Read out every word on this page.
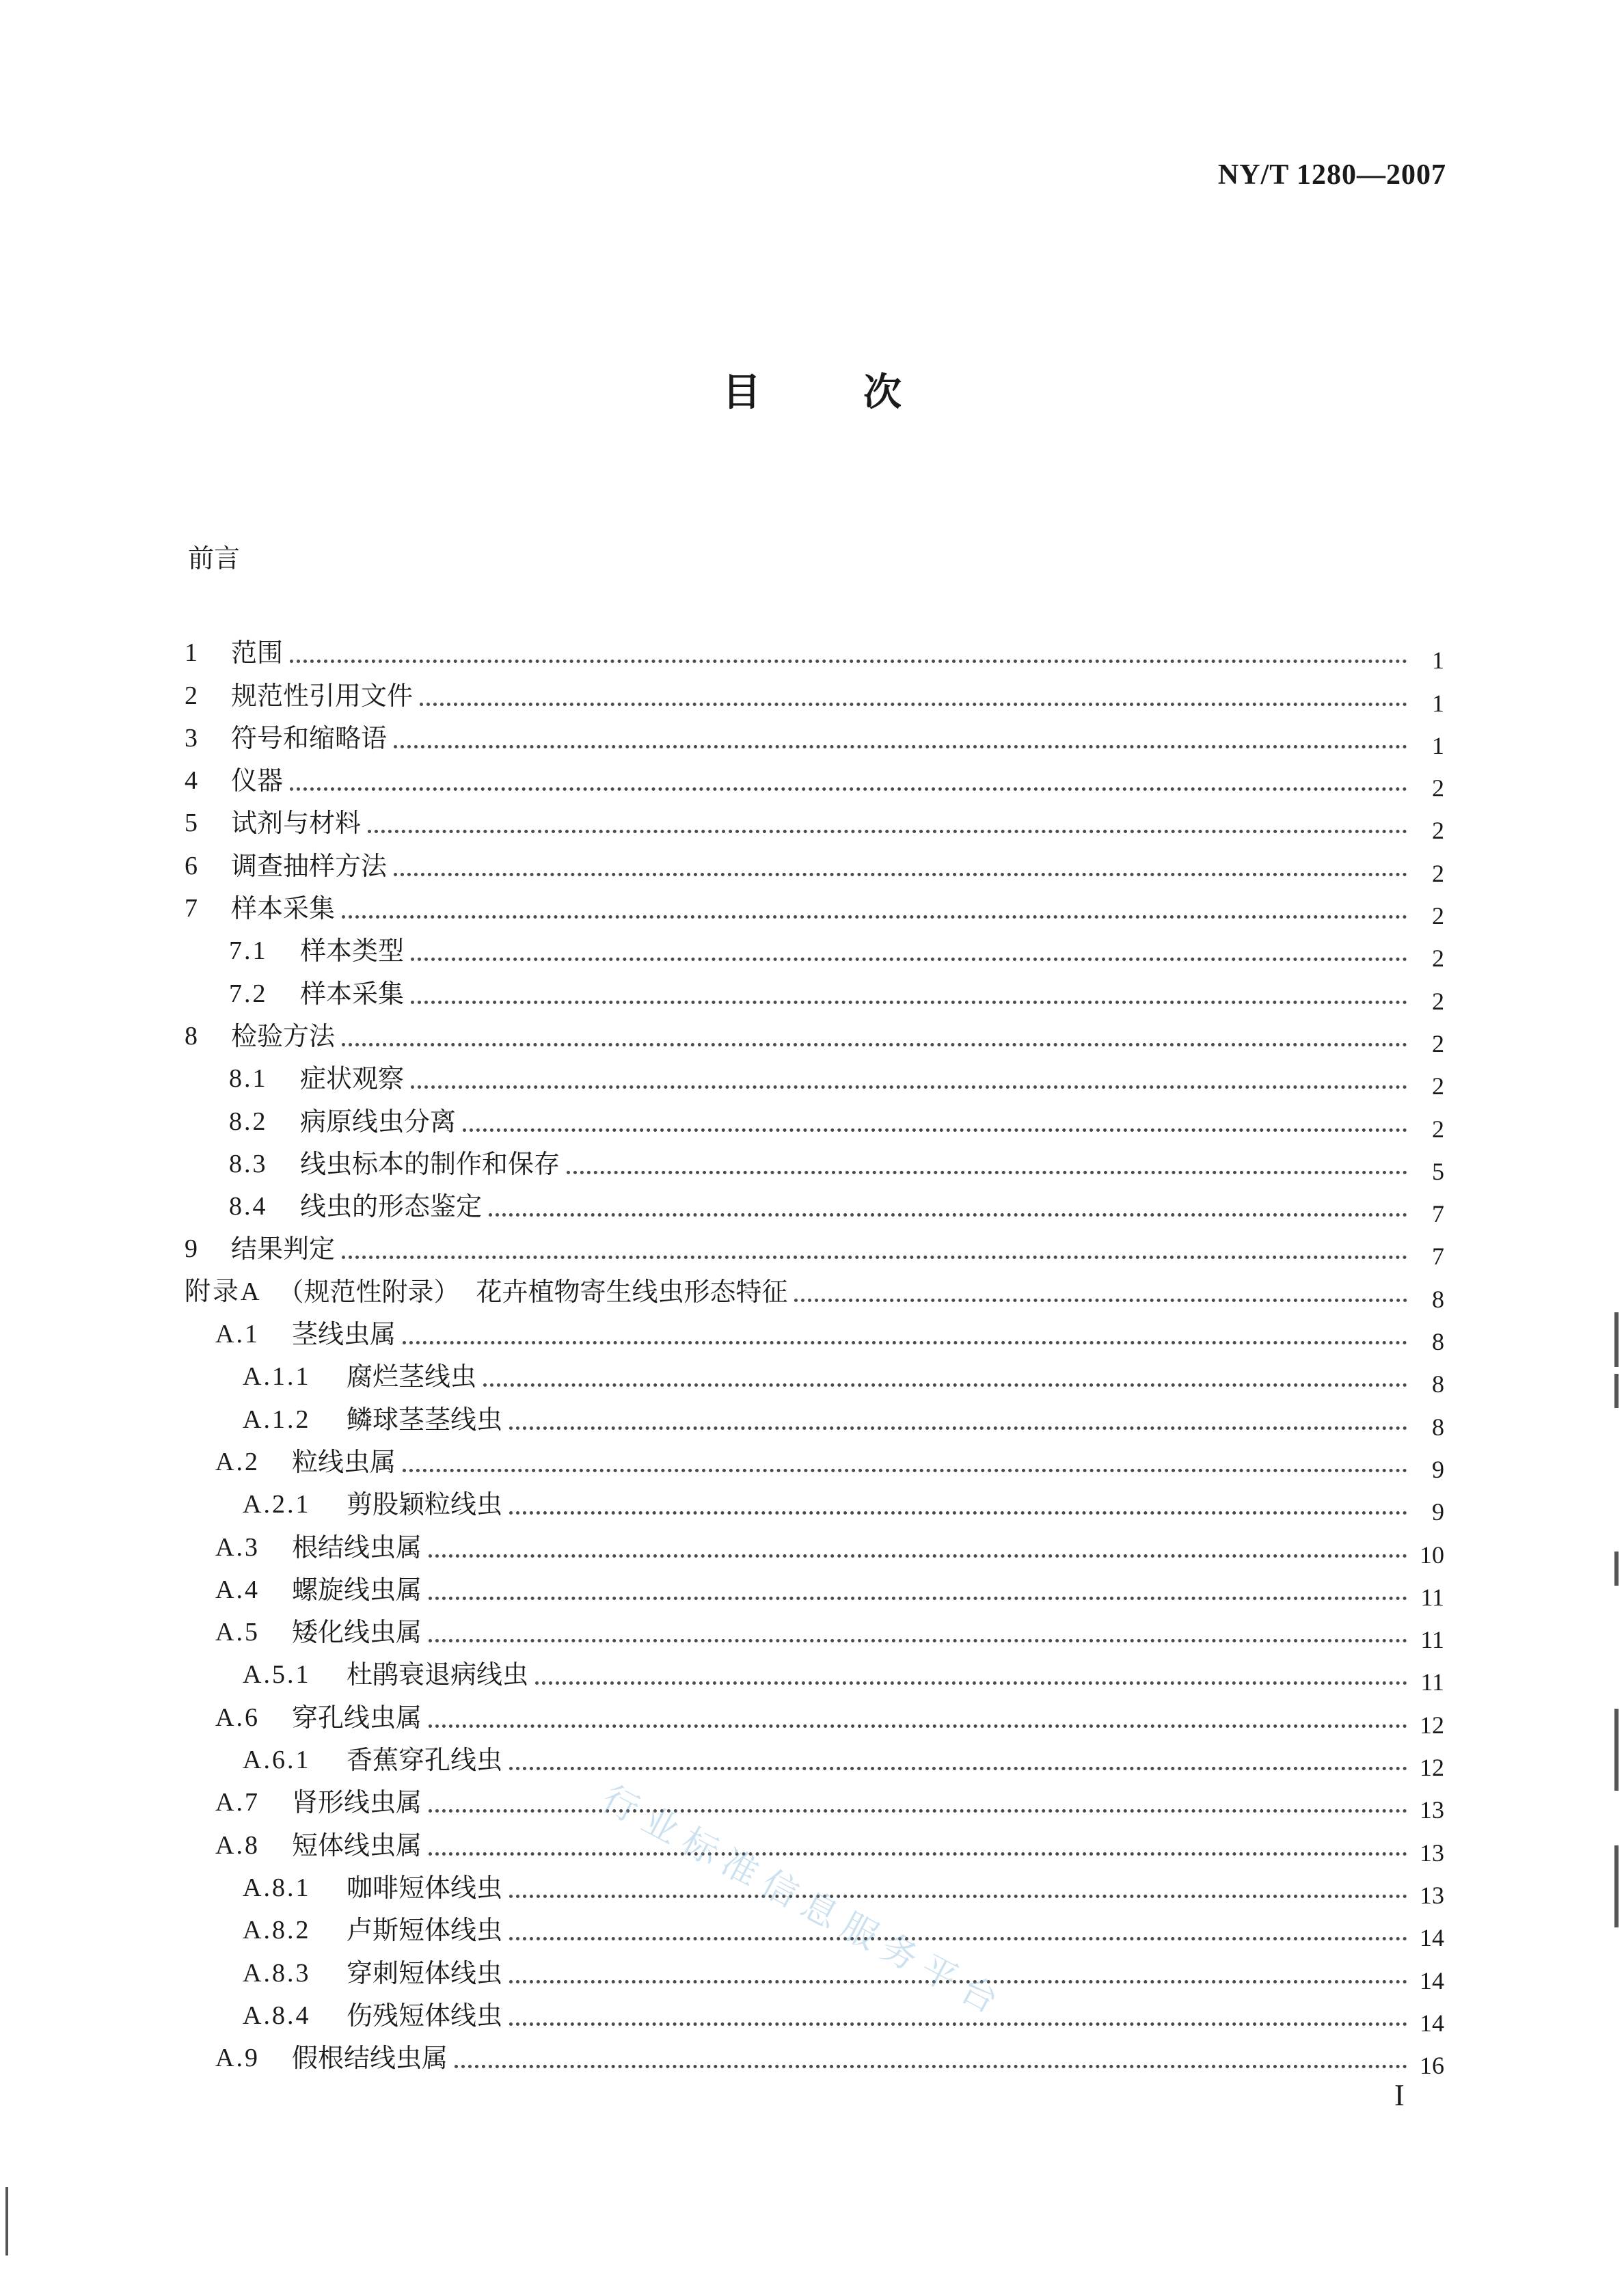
NY/T 1280—2007
目次
前言
1	范围	1
2	规范性引用文件	1
3	符号和缩略语	1
4	仪器	2
5	试剂与材料	2
6	调查抽样方法	2
7	样本采集	2
7.1	样本类型	2
7.2	样本采集	2
8	检验方法	2
8.1	症状观察	2
8.2	病原线虫分离	2
8.3	线虫标本的制作和保存	5
8.4	线虫的形态鉴定	7
9	结果判定	7
附录A （规范性附录） 花卉植物寄生线虫形态特征	8
A.1	茎线虫属	8
A.1.1	腐烂茎线虫	8
A.1.2	鳞球茎茎线虫	8
A.2	粒线虫属	9
A.2.1	剪股颖粒线虫	9
A.3	根结线虫属	10
A.4	螺旋线虫属	11
A.5	矮化线虫属	11
A.5.1	杜鹃衰退病线虫	11
A.6	穿孔线虫属	12
A.6.1	香蕉穿孔线虫	12
A.7	肾形线虫属	13
A.8	短体线虫属	13
A.8.1	咖啡短体线虫	13
A.8.2	卢斯短体线虫	14
A.8.3	穿刺短体线虫	14
A.8.4	伤残短体线虫	14
A.9	假根结线虫属	16
行业标准信息服务平台
I
